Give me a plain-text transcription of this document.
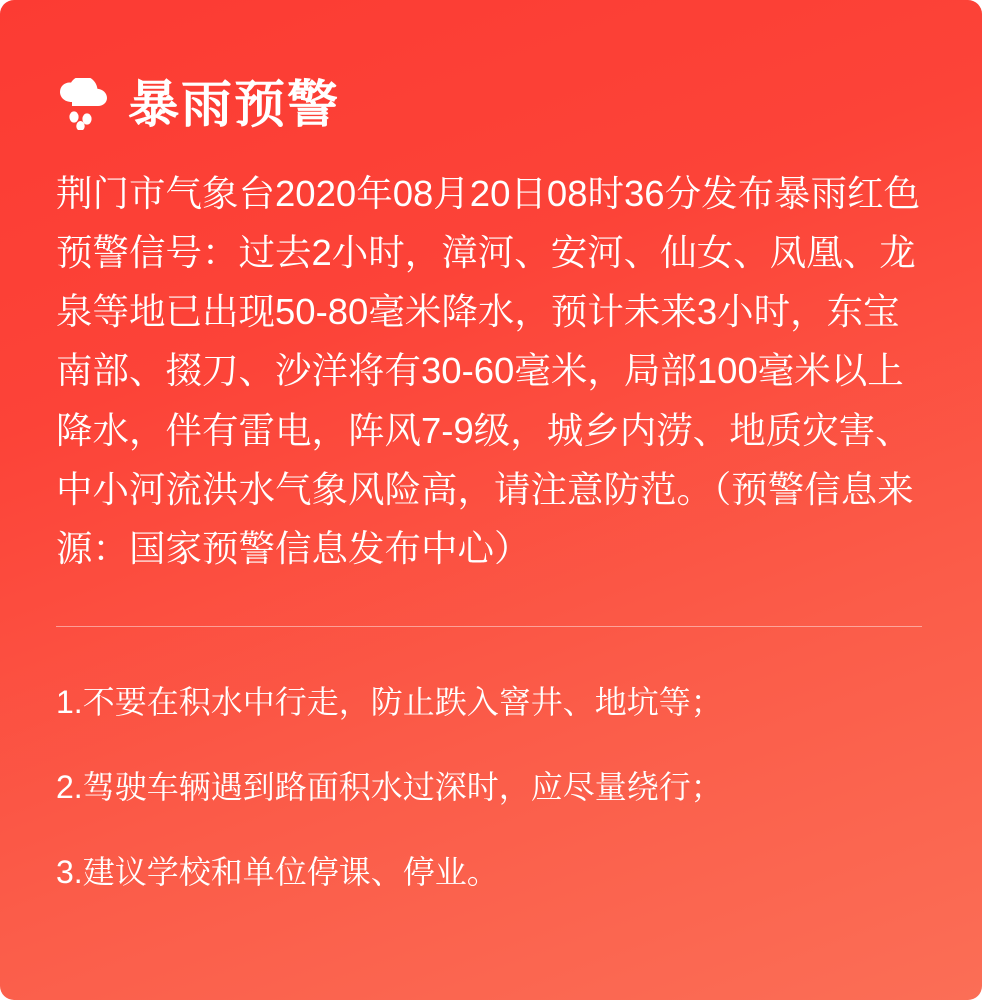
暴雨预警
荆门市气象台2020年08月20日08时36分发布暴雨红色预警信号：过去2小时，漳河、安河、仙女、凤凰、龙泉等地已出现50-80毫米降水，预计未来3小时，东宝南部、掇刀、沙洋将有30-60毫米，局部100毫米以上降水，伴有雷电，阵风7-9级，城乡内涝、地质灾害、中小河流洪水气象风险高，请注意防范。（预警信息来源：国家预警信息发布中心）
1.不要在积水中行走，防止跌入窨井、地坑等；
2.驾驶车辆遇到路面积水过深时，应尽量绕行；
3.建议学校和单位停课、停业。
